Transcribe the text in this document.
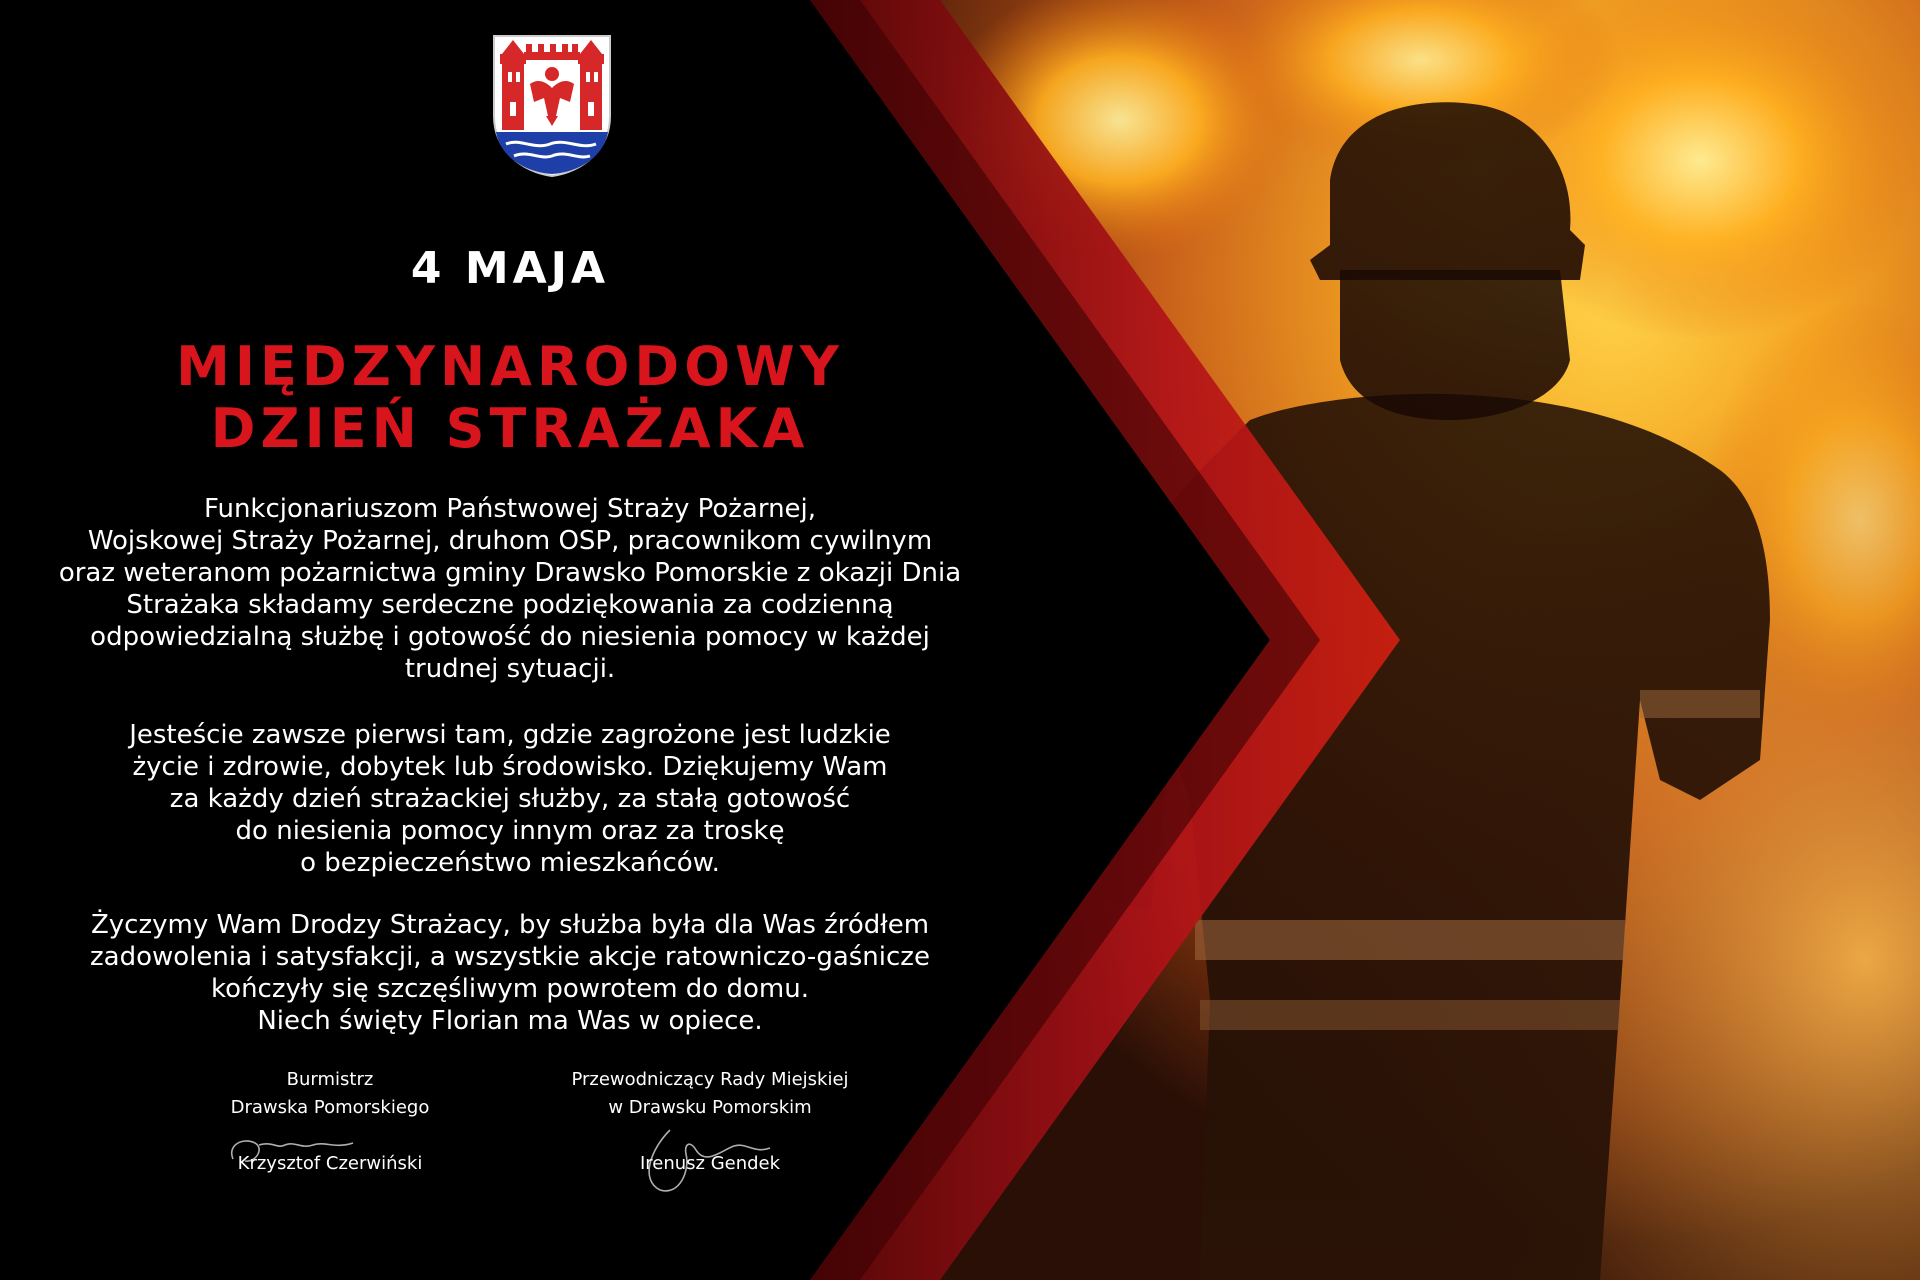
4 MAJA
MIĘDZYNARODOWY
DZIEŃ STRAŻAKA

Funkcjonariuszom Państwowej Straży Pożarnej,
Wojskowej Straży Pożarnej, druhom OSP, pracownikom cywilnym
oraz weteranom pożarnictwa gminy Drawsko Pomorskie z okazji Dnia
Strażaka składamy serdeczne podziękowania za codzienną
odpowiedzialną służbę i gotowość do niesienia pomocy w każdej
trudnej sytuacji.

Jesteście zawsze pierwsi tam, gdzie zagrożone jest ludzkie
życie i zdrowie, dobytek lub środowisko. Dziękujemy Wam
za każdy dzień strażackiej służby, za stałą gotowość
do niesienia pomocy innym oraz za troskę
o bezpieczeństwo mieszkańców.

Życzymy Wam Drodzy Strażacy, by służba była dla Was źródłem
zadowolenia i satysfakcji, a wszystkie akcje ratowniczo-gaśnicze
kończyły się szczęśliwym powrotem do domu.
Niech święty Florian ma Was w opiece.

Burmistrz
Drawska Pomorskiego
Krzysztof Czerwiński
Przewodniczący Rady Miejskiej
w Drawsku Pomorskim
Irenusz Gendek
